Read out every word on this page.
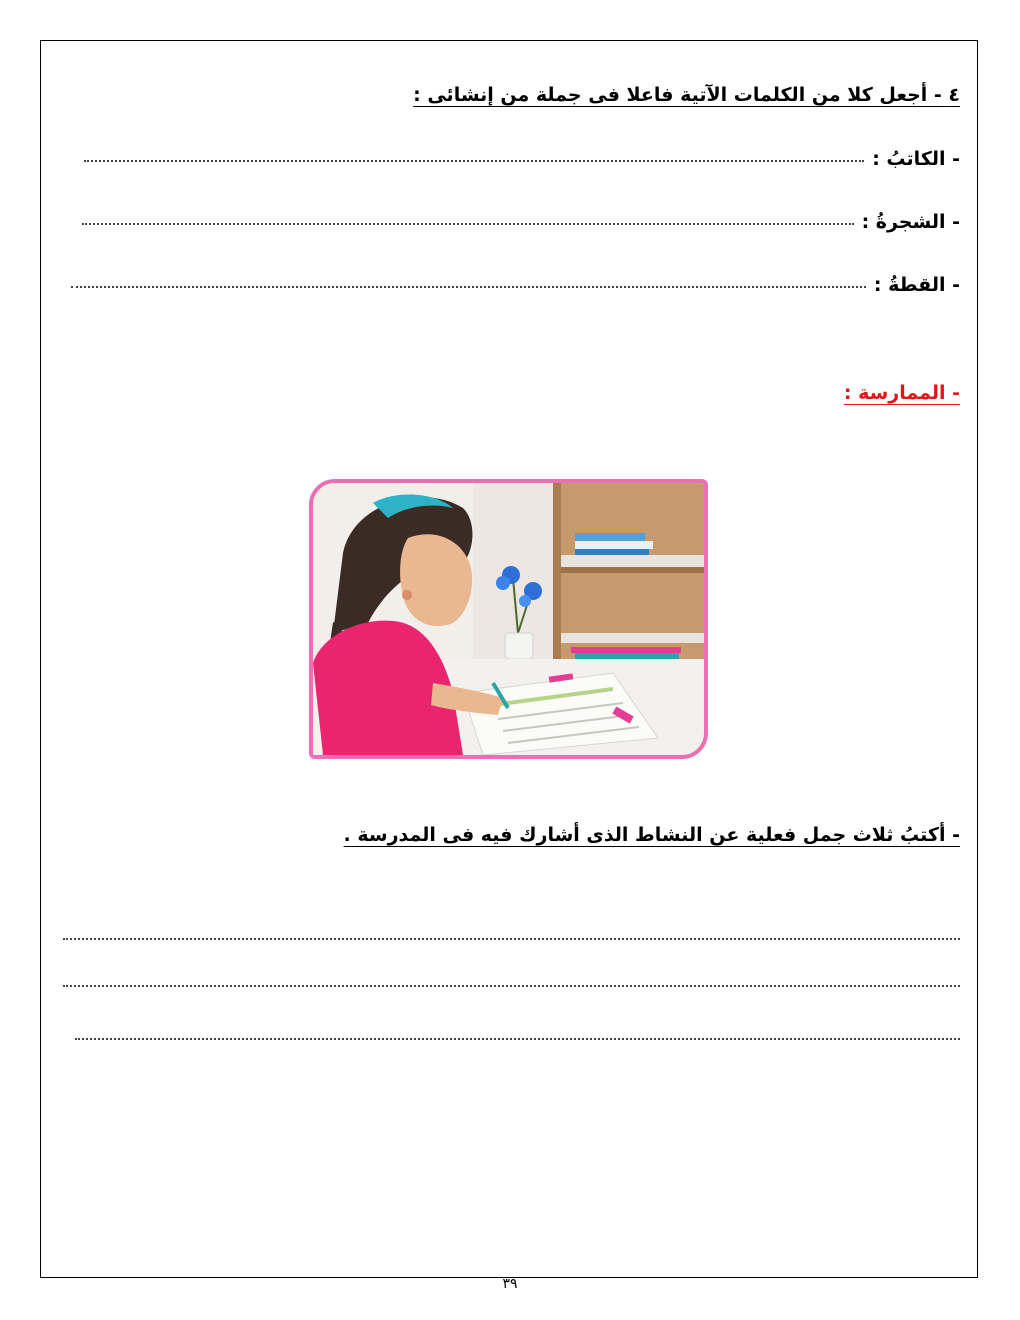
٤ - أجعل كلا من الكلمات الآتية فاعلا فى جملة من إنشائى :
- الكاتبُ :
- الشجرةُ :
- القطةُ :
- الممارسة :
- أكتبُ ثلاث جمل فعلية عن النشاط الذى أشارك فيه فى المدرسة .
٣٩
